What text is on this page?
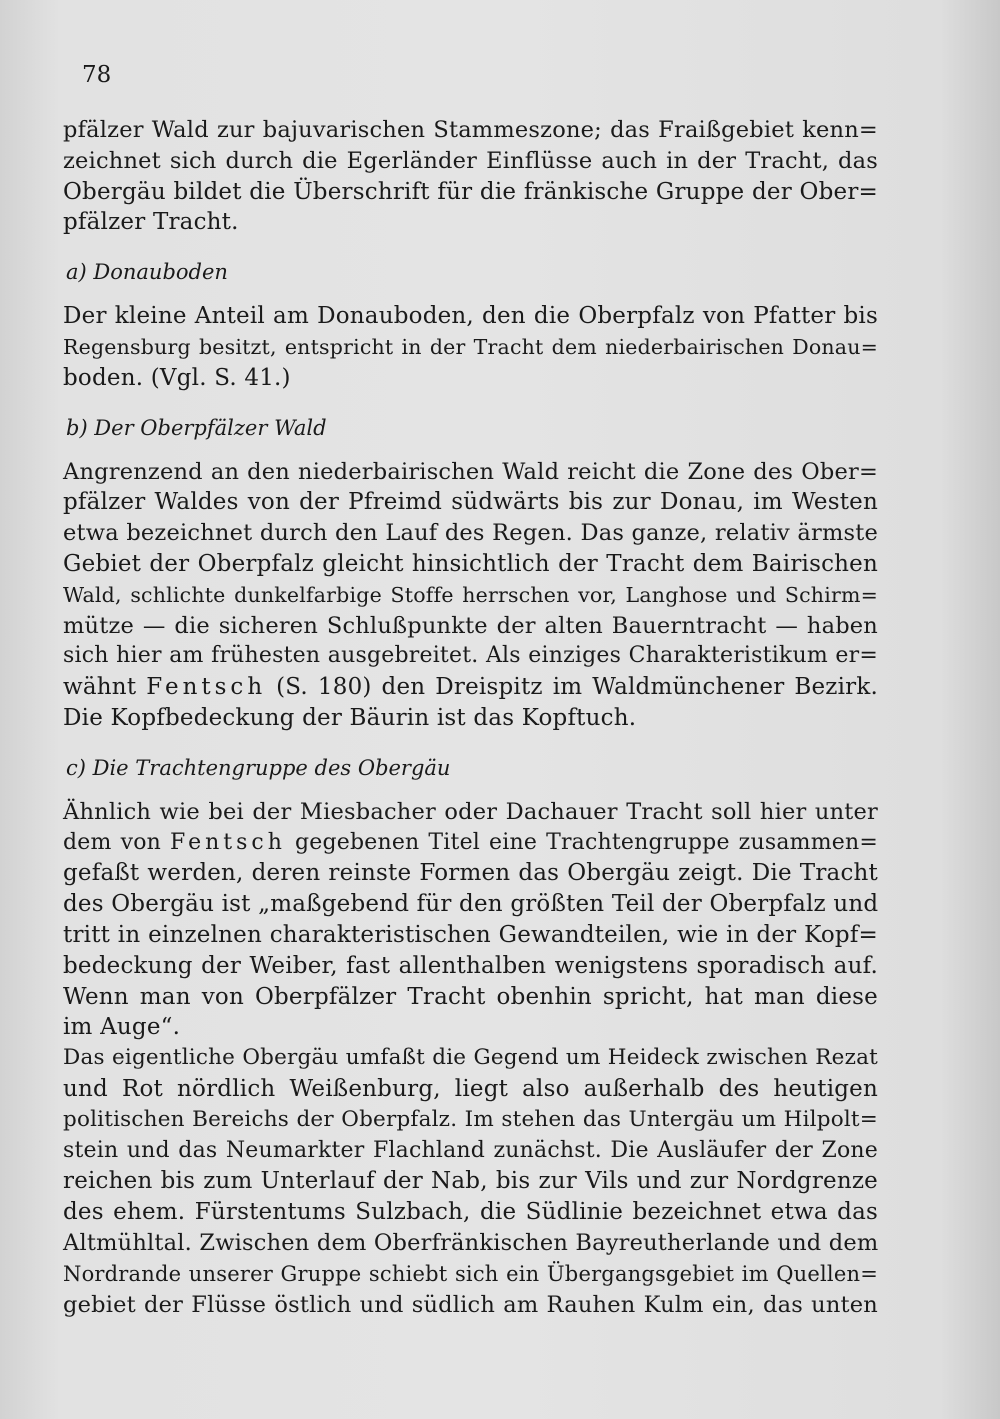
78
pfälzer Wald zur bajuvarischen Stammeszone; das Fraißgebiet kenn=
zeichnet sich durch die Egerländer Einflüsse auch in der Tracht, das
Obergäu bildet die Überschrift für die fränkische Gruppe der Ober=
pfälzer Tracht.
a) Donauboden
Der kleine Anteil am Donauboden, den die Oberpfalz von Pfatter bis
Regensburg besitzt, entspricht in der Tracht dem niederbairischen Donau=
boden. (Vgl. S. 41.)
b) Der Oberpfälzer Wald
Angrenzend an den niederbairischen Wald reicht die Zone des Ober=
pfälzer Waldes von der Pfreimd südwärts bis zur Donau, im Westen
etwa bezeichnet durch den Lauf des Regen. Das ganze, relativ ärmste
Gebiet der Oberpfalz gleicht hinsichtlich der Tracht dem Bairischen
Wald, schlichte dunkelfarbige Stoffe herrschen vor, Langhose und Schirm=
mütze — die sicheren Schlußpunkte der alten Bauerntracht — haben
sich hier am frühesten ausgebreitet. Als einziges Charakteristikum er=
wähnt Fentsch (S. 180) den Dreispitz im Waldmünchener Bezirk.
Die Kopfbedeckung der Bäurin ist das Kopftuch.
c) Die Trachtengruppe des Obergäu
Ähnlich wie bei der Miesbacher oder Dachauer Tracht soll hier unter
dem von Fentsch gegebenen Titel eine Trachtengruppe zusammen=
gefaßt werden, deren reinste Formen das Obergäu zeigt. Die Tracht
des Obergäu ist „maßgebend für den größten Teil der Oberpfalz und
tritt in einzelnen charakteristischen Gewandteilen, wie in der Kopf=
bedeckung der Weiber, fast allenthalben wenigstens sporadisch auf.
Wenn man von Oberpfälzer Tracht obenhin spricht, hat man diese
im Auge“.
Das eigentliche Obergäu umfaßt die Gegend um Heideck zwischen Rezat
und Rot nördlich Weißenburg, liegt also außerhalb des heutigen
politischen Bereichs der Oberpfalz. Im stehen das Untergäu um Hilpolt=
stein und das Neumarkter Flachland zunächst. Die Ausläufer der Zone
reichen bis zum Unterlauf der Nab, bis zur Vils und zur Nordgrenze
des ehem. Fürstentums Sulzbach, die Südlinie bezeichnet etwa das
Altmühltal. Zwischen dem Oberfränkischen Bayreutherlande und dem
Nordrande unserer Gruppe schiebt sich ein Übergangsgebiet im Quellen=
gebiet der Flüsse östlich und südlich am Rauhen Kulm ein, das unten
